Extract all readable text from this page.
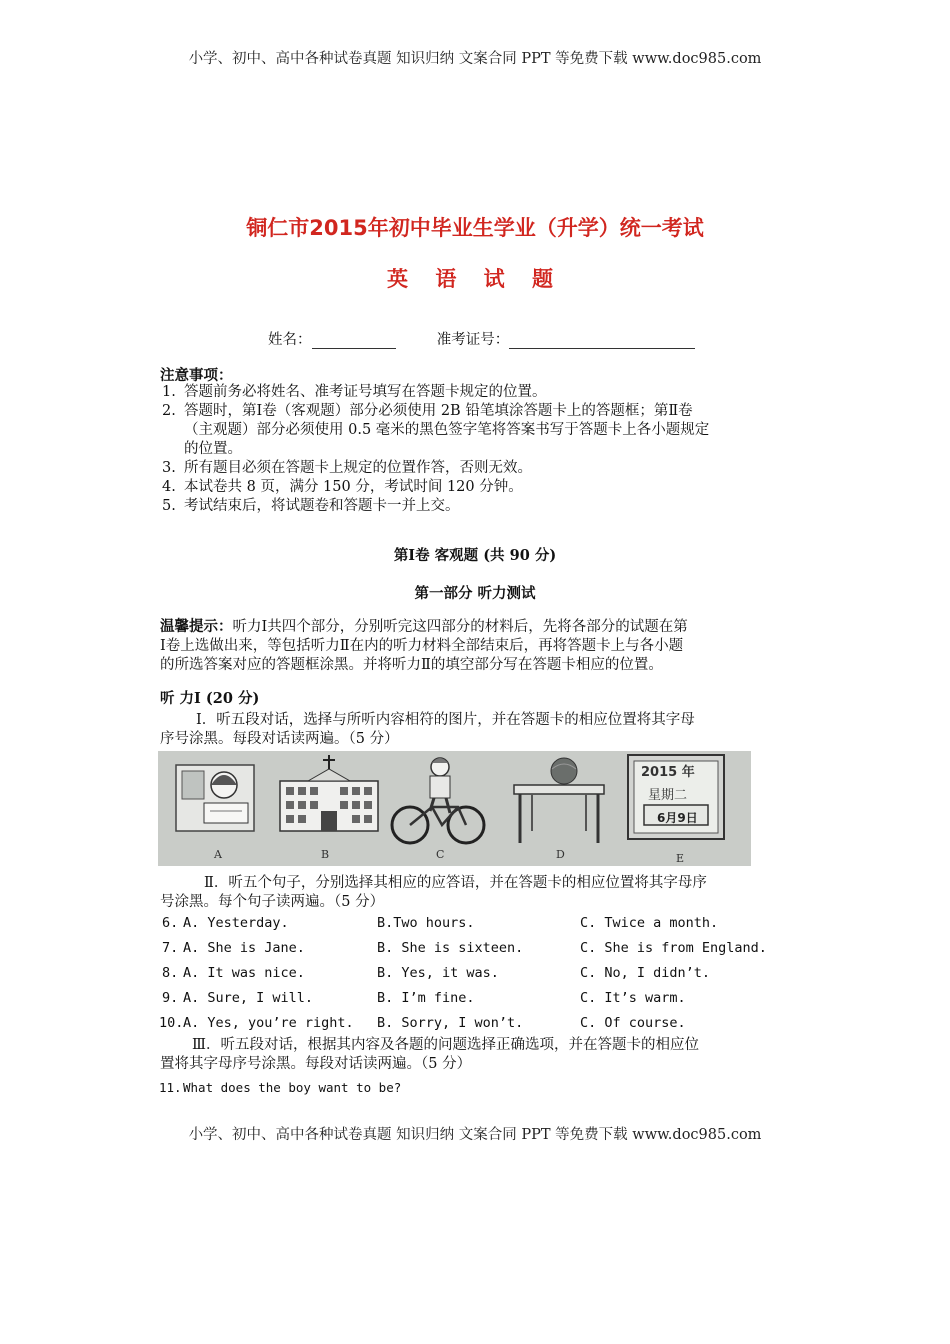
小学、初中、高中各种试卷真题 知识归纳 文案合同 PPT 等免费下载 www.doc985.com
铜仁市2015年初中毕业生学业（升学）统一考试
英 语 试 题
姓名：	准考证号：
注意事项：
1. 答题前务必将姓名、准考证号填写在答题卡规定的位置。
2. 答题时，第Ⅰ卷（客观题）部分必须使用 2B 铅笔填涂答题卡上的答题框；第Ⅱ卷
（主观题）部分必须使用 0.5 毫米的黑色签字笔将答案书写于答题卡上各小题规定
的位置。
3. 所有题目必须在答题卡上规定的位置作答，否则无效。
4. 本试卷共 8 页，满分 150 分，考试时间 120 分钟。
5. 考试结束后，将试题卷和答题卡一并上交。
第Ⅰ卷 客观题 (共 90 分)
第一部分 听力测试
温馨提示：听力Ⅰ共四个部分，分别听完这四部分的材料后，先将各部分的试题在第
Ⅰ卷上选做出来，等包括听力Ⅱ在内的听力材料全部结束后，再将答题卡上与各小题
的所选答案对应的答题框涂黑。并将听力Ⅱ的填空部分写在答题卡相应的位置。
听 力Ⅰ (20 分)
Ⅰ．听五段对话，选择与所听内容相符的图片，并在答题卡的相应位置将其字母
序号涂黑。每段对话读两遍。（5 分）
2015 年
星期二
6月9日
A	B	C	D	E
Ⅱ．听五个句子，分别选择其相应的应答语，并在答题卡的相应位置将其字母序
号涂黑。每个句子读两遍。（5 分）
6. A. Yesterday.	B.Two hours.	C. Twice a month.
7. A. She is Jane.	B. She is sixteen.	C. She is from England.
8. A. It was nice.	B. Yes, it was.	C. No, I didn’t.
9. A. Sure, I will.	B. I’m fine.	C. It’s warm.
10. A. Yes, you’re right. B. Sorry, I won’t.	C. Of course.
Ⅲ．听五段对话，根据其内容及各题的问题选择正确选项，并在答题卡的相应位
置将其字母序号涂黑。每段对话读两遍。（5 分）
11. What does the boy want to be?
小学、初中、高中各种试卷真题 知识归纳 文案合同 PPT 等免费下载 www.doc985.com
